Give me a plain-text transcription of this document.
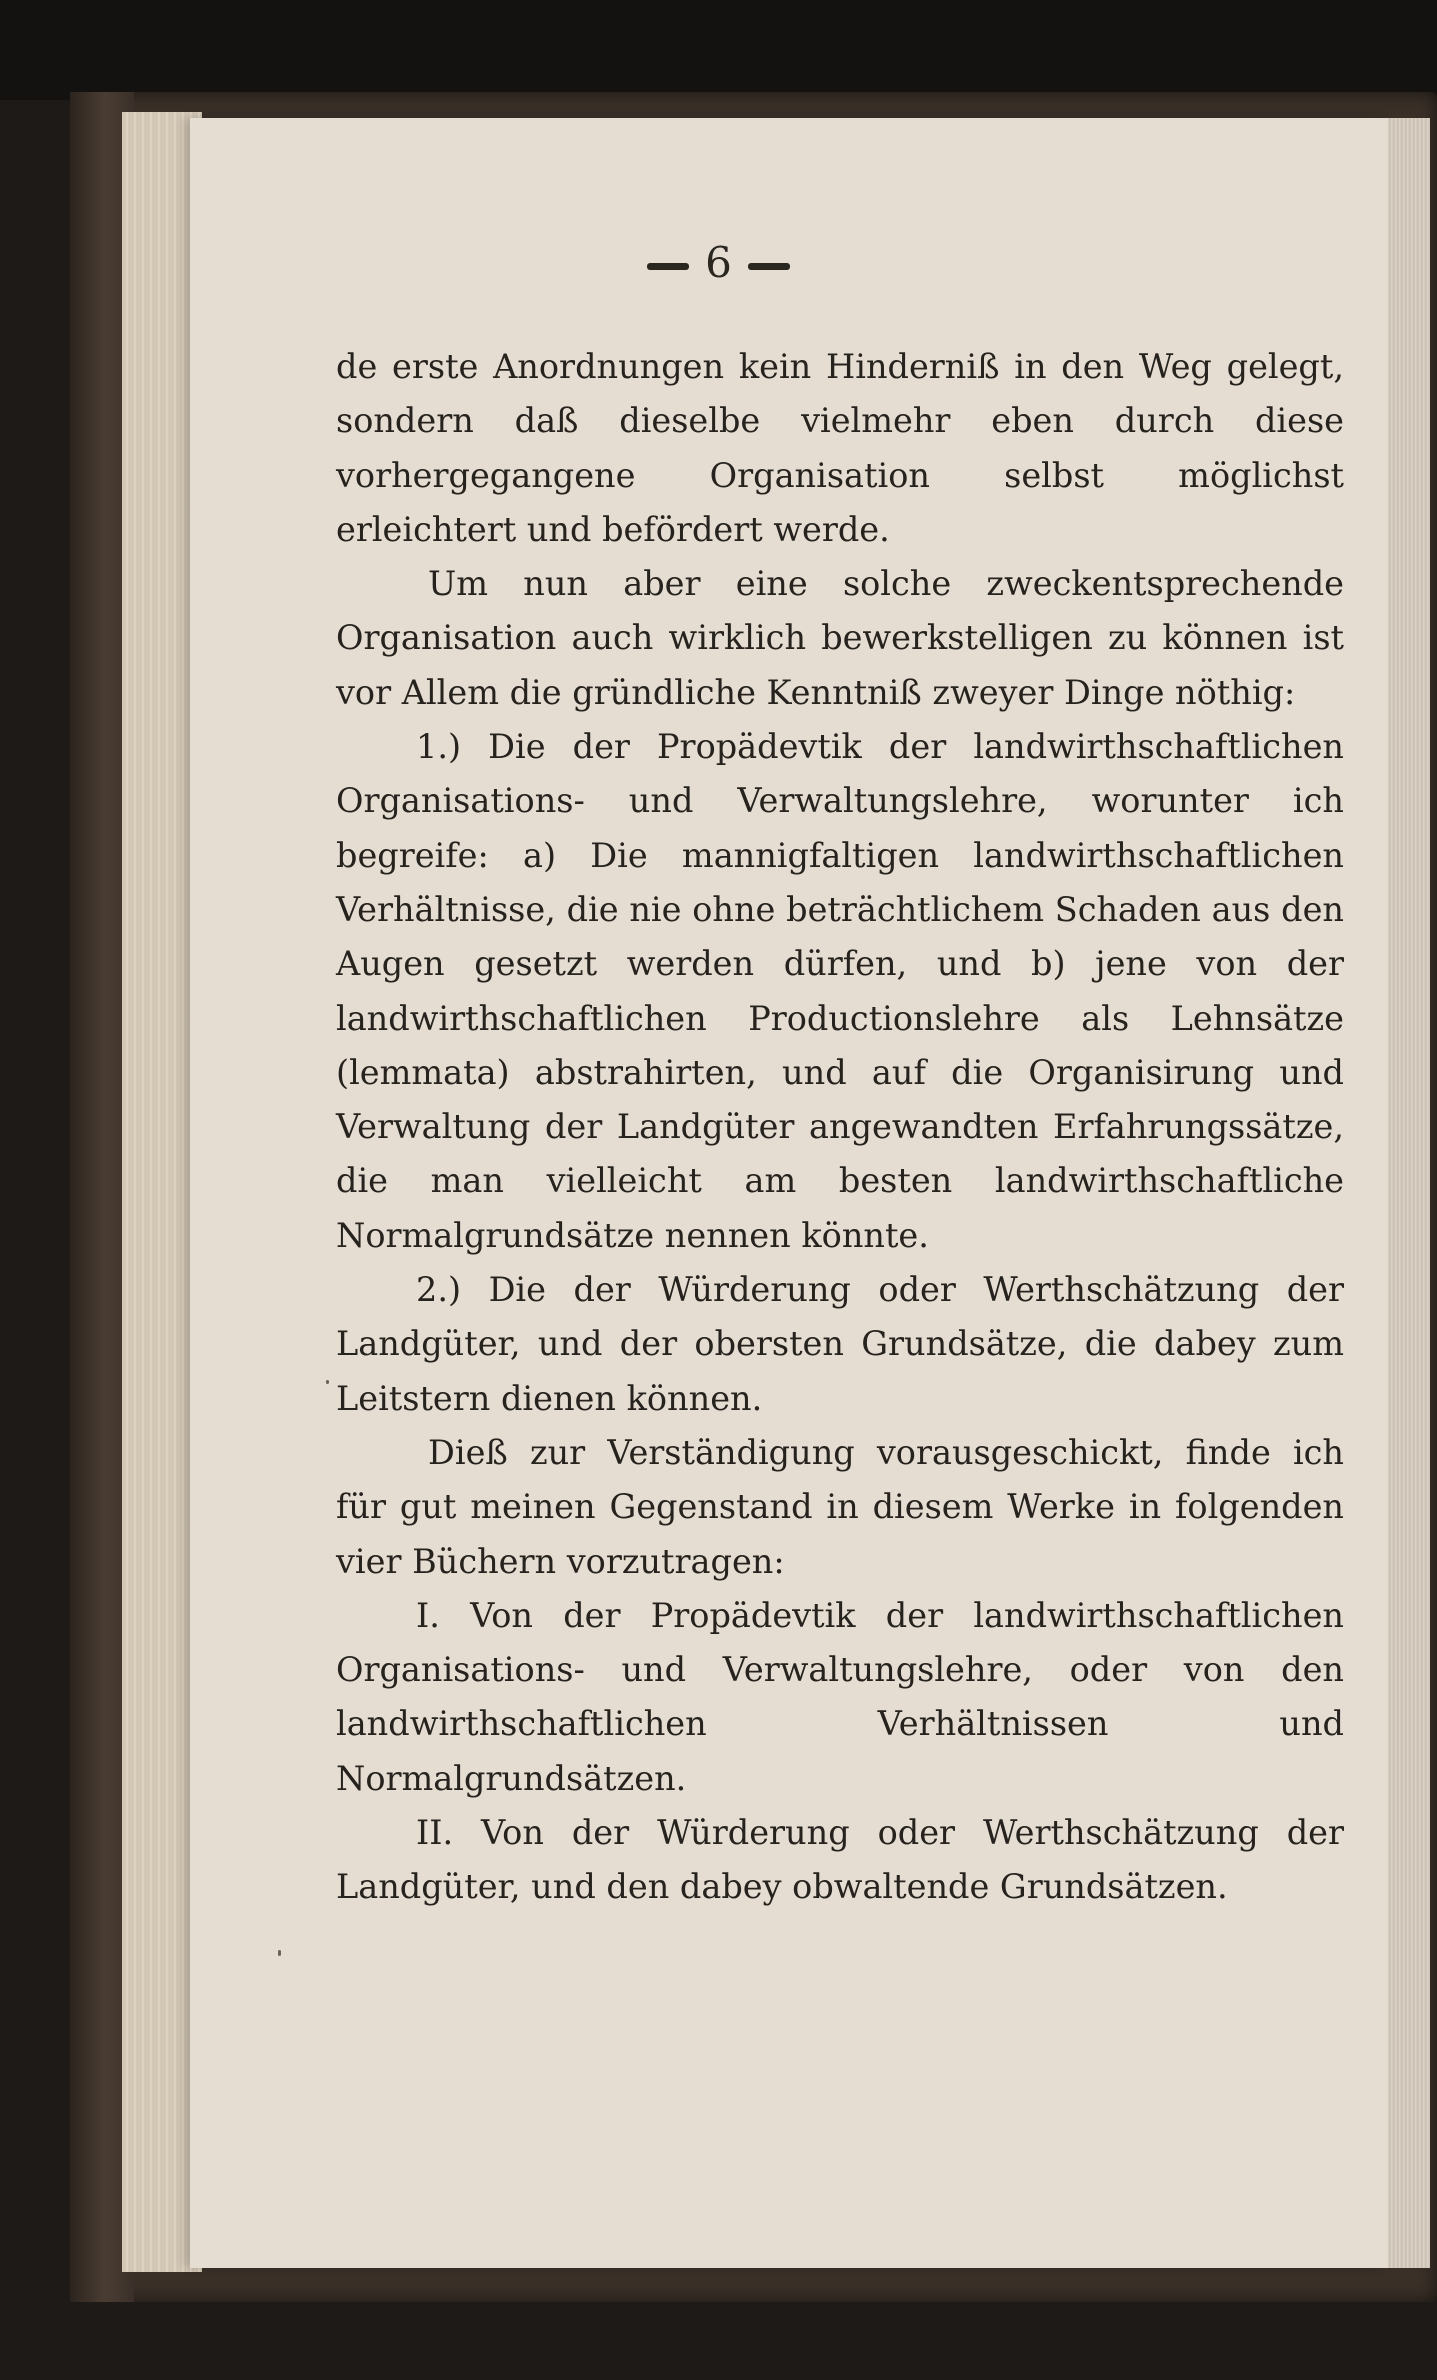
6

de erste Anordnungen kein Hinderniß in den Weg gelegt, sondern daß dieselbe vielmehr eben durch diese vorhergegangene Organisation selbst möglichst erleichtert und befördert werde.

Um nun aber eine solche zweckentsprechende Organisation auch wirklich bewerkstelligen zu können ist vor Allem die gründliche Kenntniß zweyer Dinge nöthig:

1.) Die der Propädevtik der landwirthschaftlichen Organisations- und Verwaltungslehre, worunter ich begreife: a) Die mannigfaltigen landwirthschaftlichen Verhältnisse, die nie ohne beträchtlichem Schaden aus den Augen gesetzt werden dürfen, und b) jene von der landwirthschaftlichen Productionslehre als Lehnsätze (lemmata) abstrahirten, und auf die Organisirung und Verwaltung der Landgüter angewandten Erfahrungssätze, die man vielleicht am besten landwirthschaftliche Normalgrundsätze nennen könnte.

2.) Die der Würderung oder Werthschätzung der Landgüter, und der obersten Grundsätze, die dabey zum Leitstern dienen können.

Dieß zur Verständigung vorausgeschickt, finde ich für gut meinen Gegenstand in diesem Werke in folgenden vier Büchern vorzutragen:

I. Von der Propädevtik der landwirthschaftlichen Organisations- und Verwaltungslehre, oder von den landwirthschaftlichen Verhältnissen und Normalgrundsätzen.

II. Von der Würderung oder Werthschätzung der Landgüter, und den dabey obwaltende Grundsätzen.
